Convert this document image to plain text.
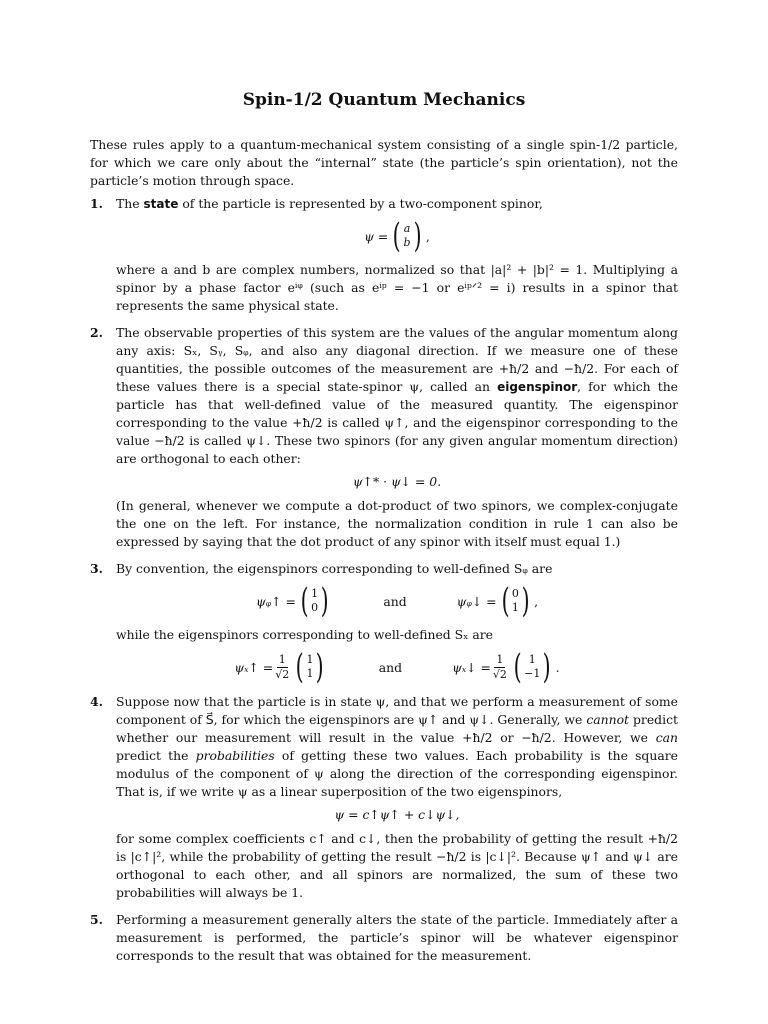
Spin-1/2 Quantum Mechanics

These rules apply to a quantum-mechanical system consisting of a single spin-1/2 particle, for which we care only about the “internal” state (the particle’s spin orientation), not the particle’s motion through space.

1. The state of the particle is represented by a two-component spinor,

ψ = ( a
b ) ,

where a and b are complex numbers, normalized so that |a|² + |b|² = 1. Multiplying a spinor by a phase factor eⁱᵠ (such as eⁱᵖ = −1 or eⁱᵖᐟ² = i) results in a spinor that represents the same physical state.

2. The observable properties of this system are the values of the angular momentum along any axis: Sₓ, Sᵧ, Sᵩ, and also any diagonal direction. If we measure one of these quantities, the possible outcomes of the measurement are +ħ/2 and −ħ/2. For each of these values there is a special state-spinor ψ, called an eigenspinor, for which the particle has that well-defined value of the measured quantity. The eigenspinor corresponding to the value +ħ/2 is called ψ↑, and the eigenspinor corresponding to the value −ħ/2 is called ψ↓. These two spinors (for any given angular momentum direction) are orthogonal to each other:

ψ↑* · ψ↓ = 0.

(In general, whenever we compute a dot-product of two spinors, we complex-conjugate the one on the left. For instance, the normalization condition in rule 1 can also be expressed by saying that the dot product of any spinor with itself must equal 1.)

3. By convention, the eigenspinors corresponding to well-defined Sᵩ are

ψᵩ↑ = ( 1
0 )	and	ψᵩ↓ = ( 0
1 ) ,

while the eigenspinors corresponding to well-defined Sₓ are

ψₓ↑ = $\frac{1}{√2}$ ( 1
1 )	and	ψₓ↓ = $\frac{1}{√2}$ ( 1
−1 ) .
4. Suppose now that the particle is in state ψ, and that we perform a measurement of some component of S⃗, for which the eigenspinors are ψ↑ and ψ↓. Generally, we cannot predict whether our measurement will result in the value +ħ/2 or −ħ/2. However, we can predict the probabilities of getting these two values. Each probability is the square modulus of the component of ψ along the direction of the corresponding eigenspinor. That is, if we write ψ as a linear superposition of the two eigenspinors,

ψ = c↑ψ↑ + c↓ψ↓,

for some complex coefficients c↑ and c↓, then the probability of getting the result +ħ/2 is |c↑|², while the probability of getting the result −ħ/2 is |c↓|². Because ψ↑ and ψ↓ are orthogonal to each other, and all spinors are normalized, the sum of these two probabilities will always be 1.

5. Performing a measurement generally alters the state of the particle. Immediately after a measurement is performed, the particle’s spinor will be whatever eigenspinor corresponds to the result that was obtained for the measurement.
